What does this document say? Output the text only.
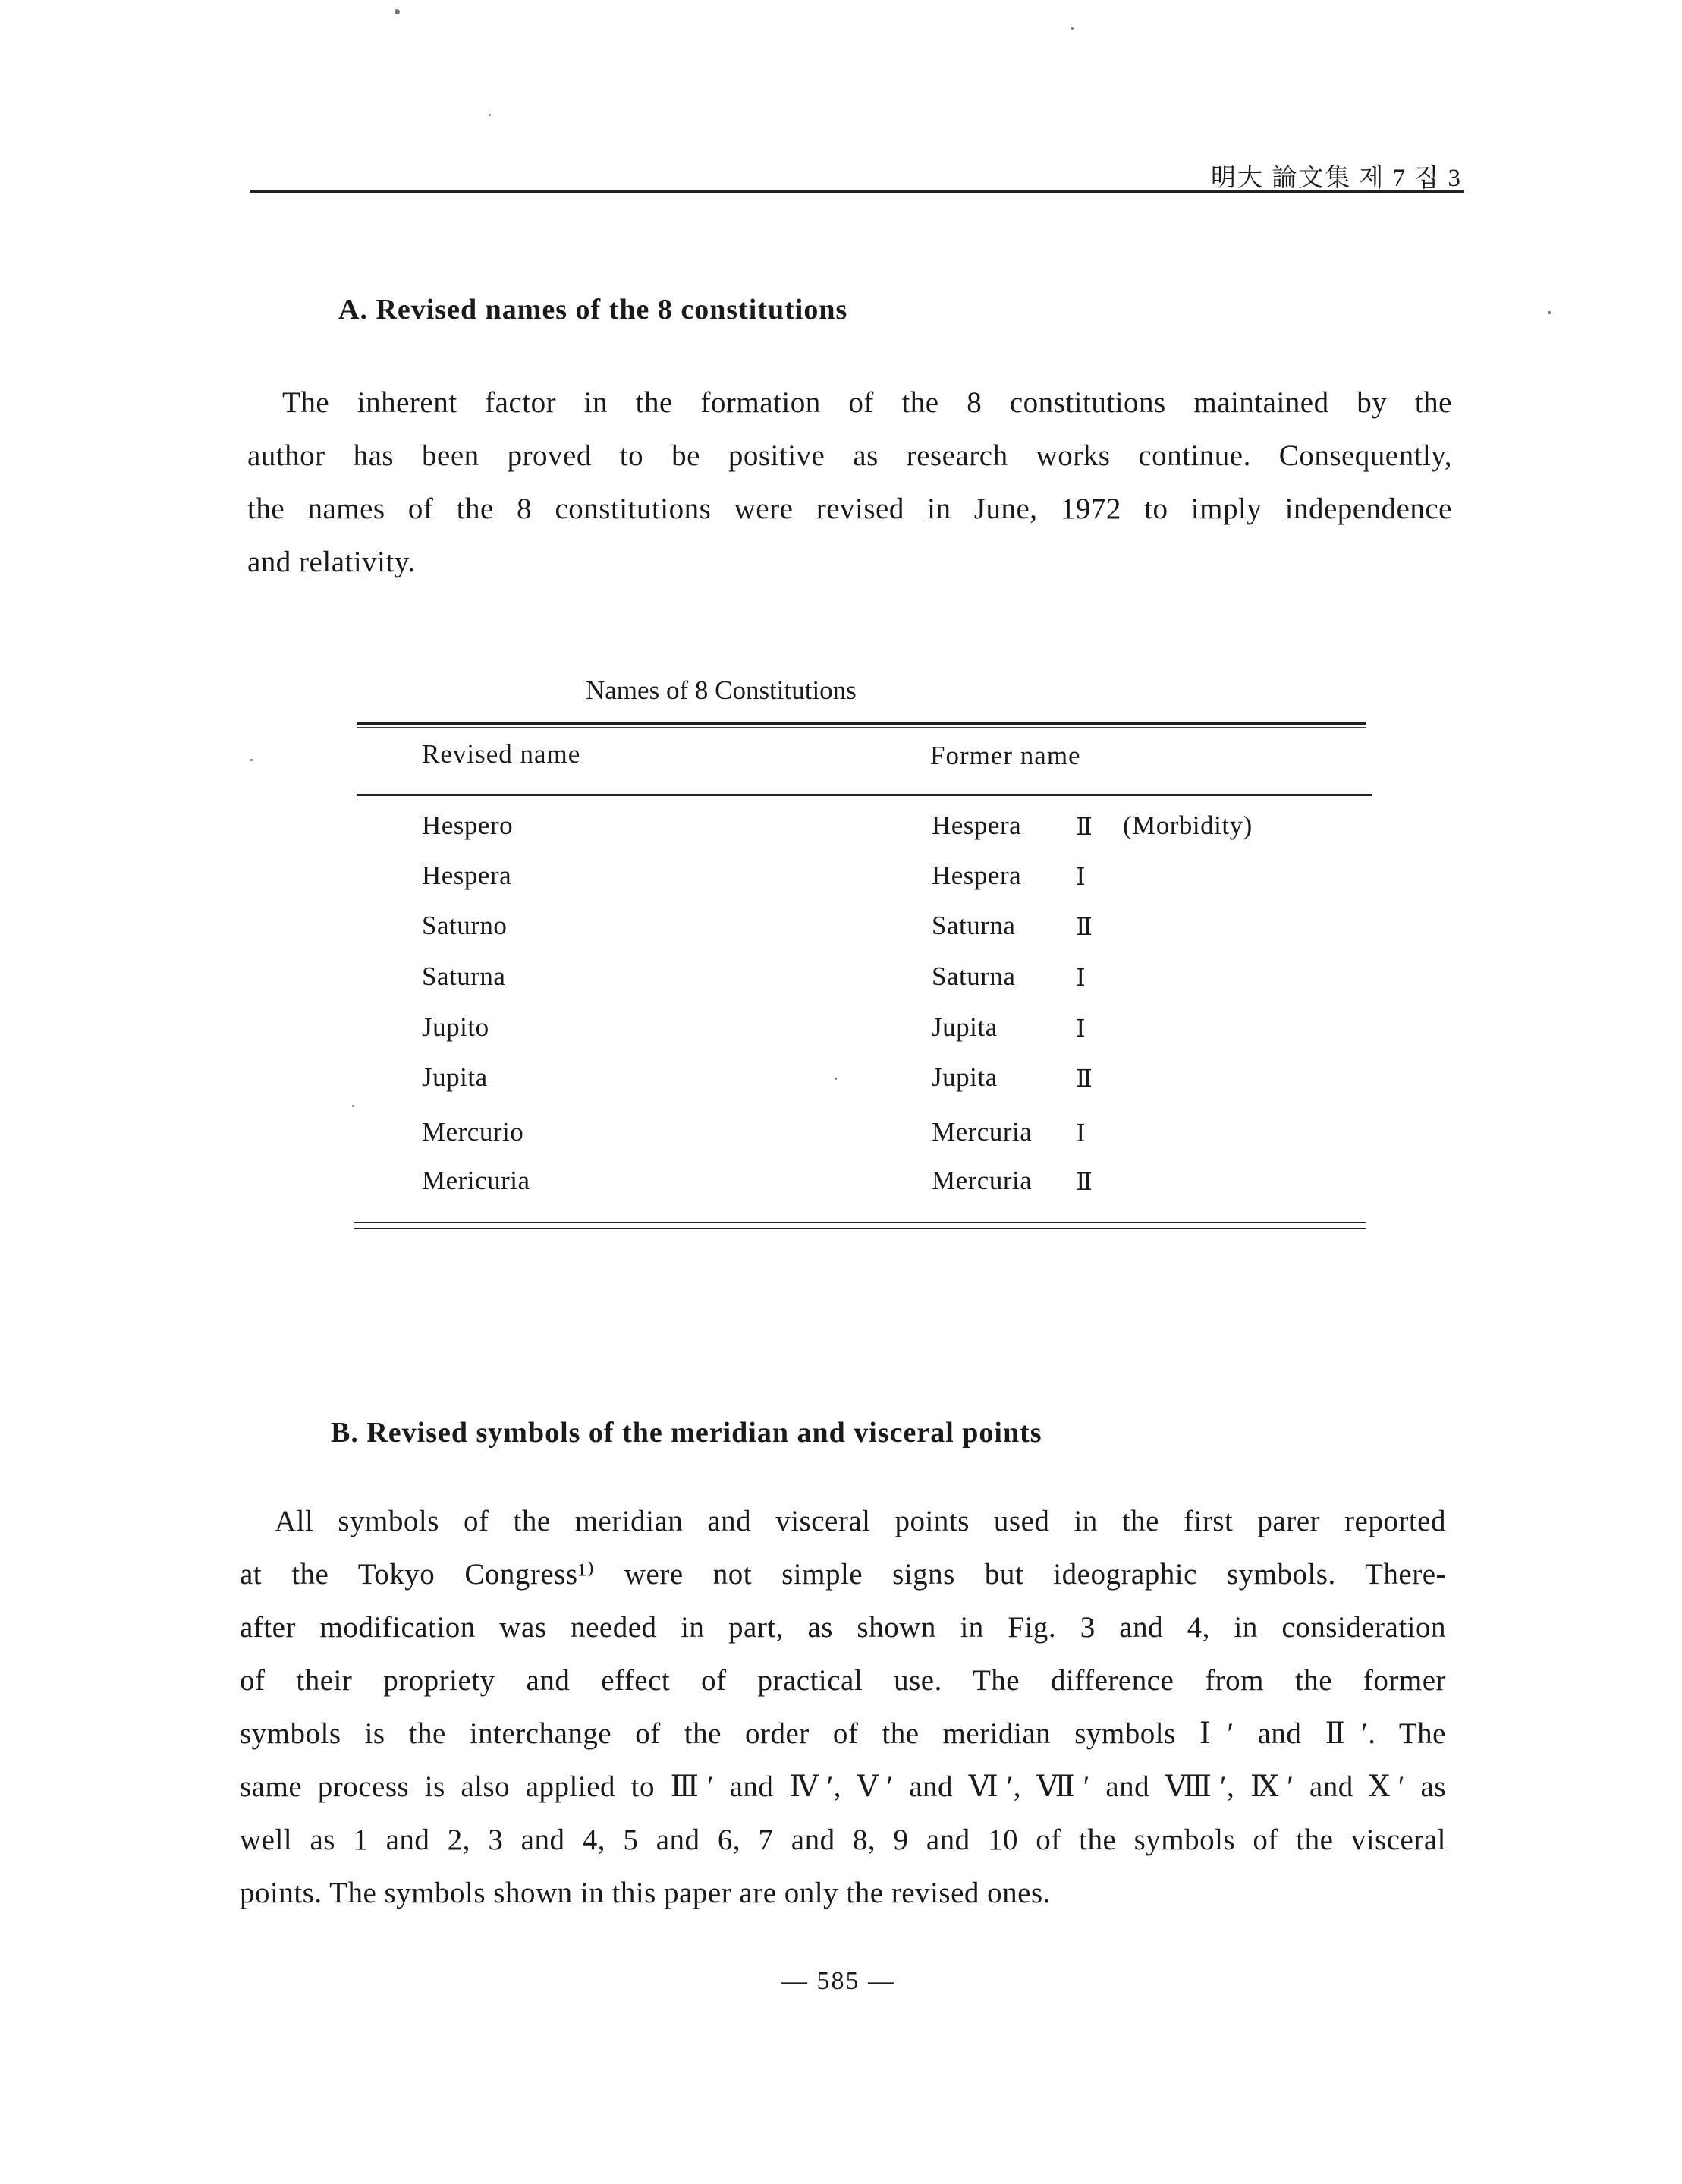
明大 論文集 제 7 집 3
A. Revised names of the 8 constitutions
The inherent factor in the formation of the 8 constitutions maintained by the
author has been proved to be positive as research works continue. Consequently,
the names of the 8 constitutions were revised in June, 1972 to imply independence
and relativity.
Names of 8 Constitutions
Revised name	Former name
Hespero	Hespera Ⅱ (Morbidity)
Hespera	Hespera Ⅰ
Saturno	Saturna Ⅱ
Saturna	Saturna Ⅰ
Jupito	Jupita	Ⅰ
Jupita	Jupita	Ⅱ
Mercurio	Mercuria Ⅰ
Mericuria	Mercuria Ⅱ
B. Revised symbols of the meridian and visceral points
All symbols of the meridian and visceral points used in the first parer reported
at the Tokyo Congress¹⁾ were not simple signs but ideographic symbols. There-
after modification was needed in part, as shown in Fig. 3 and 4, in consideration
of their propriety and effect of practical use. The difference from the former
symbols is the interchange of the order of the meridian symbols Ⅰ′ and Ⅱ′. The
same process is also applied to Ⅲ′ and Ⅳ′, Ⅴ′ and Ⅵ′, Ⅶ′ and Ⅷ′, Ⅸ′ and Ⅹ′ as
well as 1 and 2, 3 and 4, 5 and 6, 7 and 8, 9 and 10 of the symbols of the visceral
points. The symbols shown in this paper are only the revised ones.
— 585 —
